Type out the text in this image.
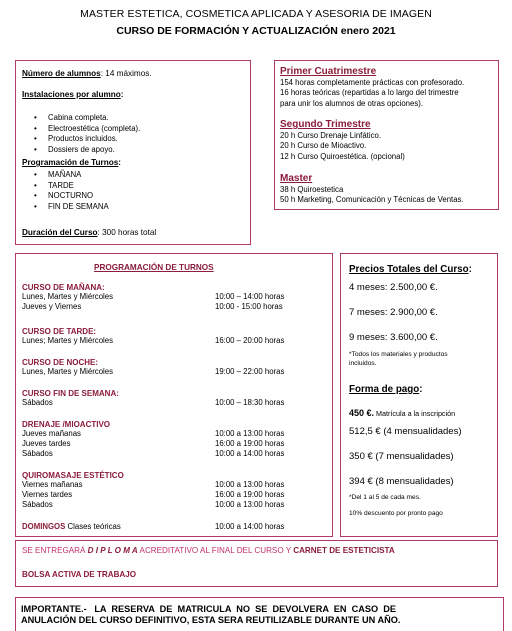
MASTER ESTETICA, COSMETICA APLICADA Y ASESORIA DE IMAGEN
CURSO DE FORMACIÓN Y ACTUALIZACIÓN enero 2021
Número de alumnos: 14 máximos.
Instalaciones por alumno:
• Cabina completa.
• Electroestética (completa).
• Productos incluidos.
• Dossiers de apoyo.
Programación de Turnos:
• MAÑANA
• TARDE
• NOCTURNO
• FIN DE SEMANA
Duración del Curso: 300 horas total
Primer Cuatrimestre
154 horas completamente prácticas con profesorado.
16 horas teóricas (repartidas a lo largo del trimestre
para unir los alumnos de otras opciones).
Segundo Trimestre
20 h Curso Drenaje Linfático.
20 h Curso de Mioactivo.
12 h Curso Quiroestética. (opcional)
Master
38 h Quiroestetica
50 h Marketing, Comunicación y Técnicas de Ventas.
PROGRAMACIÓN DE TURNOS
CURSO DE MAÑANA:
Lunes, Martes y Miércoles	10:00 – 14:00 horas
Jueves y Viernes	10:00 - 15:00 horas
CURSO DE TARDE:
Lunes; Martes y Miércoles	16:00 – 20:00 horas
CURSO DE NOCHE:
Lunes, Martes y Miércoles	19:00 – 22:00 horas
CURSO FIN DE SEMANA:
Sábados	10:00 – 18:30 horas
DRENAJE /MIOACTIVO
Jueves mañanas	10:00 a 13:00 horas
Jueves tardes	16:00 a 19:00 horas
Sábados	10:00 a 14:00 horas
QUIROMASAJE ESTÉTICO
Viernes mañanas	10:00 a 13:00 horas
Viernes tardes	16:00 a 19:00 horas
Sábados	10:00 a 13:00 horas
DOMINGOS Clases teóricas	10:00 a 14:00 horas
Precios Totales del Curso:
4 meses: 2.500,00 €.
7 meses: 2.900,00 €.
9 meses: 3.600,00 €.
*Todos los materiales y productos
incluidos.
Forma de pago:
450 €. Matrícula a la inscripción
512,5 € (4 mensualidades)
350 € (7 mensualidades)
394 € (8 mensualidades)
*Del 1 al 5 de cada mes.
10% descuento por pronto pago
SE ENTREGARÁ D I P L O M A ACREDITATIVO AL FINAL DEL CURSO Y CARNET DE ESTETICISTA
BOLSA ACTIVA DE TRABAJO
IMPORTANTE.-   LA  RESERVA  DE  MATRICULA  NO  SE  DEVOLVERA  EN  CASO  DE
ANULACIÓN DEL CURSO DEFINITIVO, ESTA SERA REUTILIZABLE DURANTE UN AÑO.
